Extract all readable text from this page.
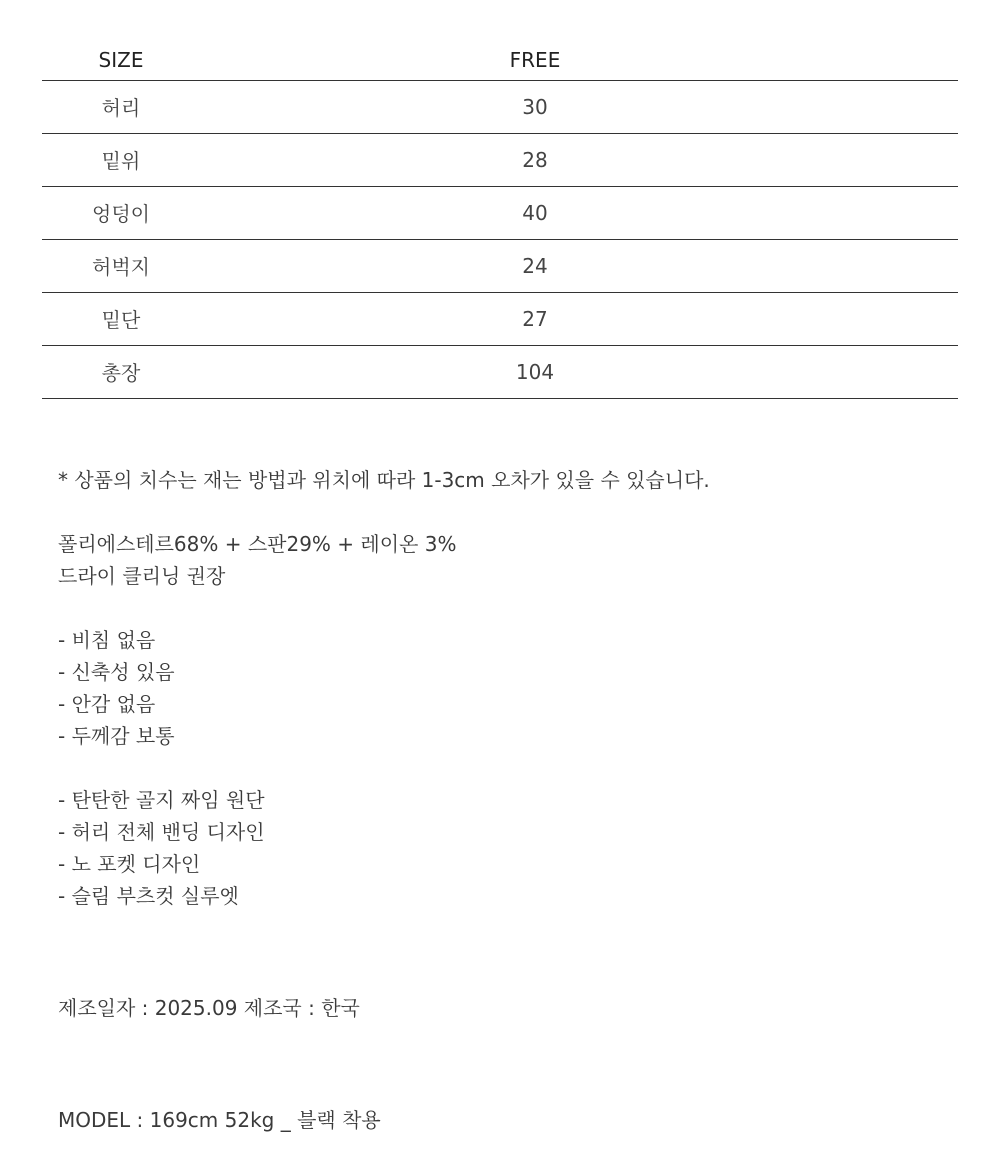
SIZE	FREE	
허리	30	
밑위	28	
엉덩이	40	
허벅지	24	
밑단	27	
총장	104	
* 상품의 치수는 재는 방법과 위치에 따라 1-3cm 오차가 있을 수 있습니다.
폴리에스테르68% + 스판29% + 레이온 3%
드라이 클리닝 권장
- 비침 없음
- 신축성 있음
- 안감 없음
- 두께감 보통
- 탄탄한 골지 짜임 원단
- 허리 전체 밴딩 디자인
- 노 포켓 디자인
- 슬림 부츠컷 실루엣
제조일자 : 2025.09 제조국 : 한국
MODEL : 169cm 52kg _ 블랙 착용
